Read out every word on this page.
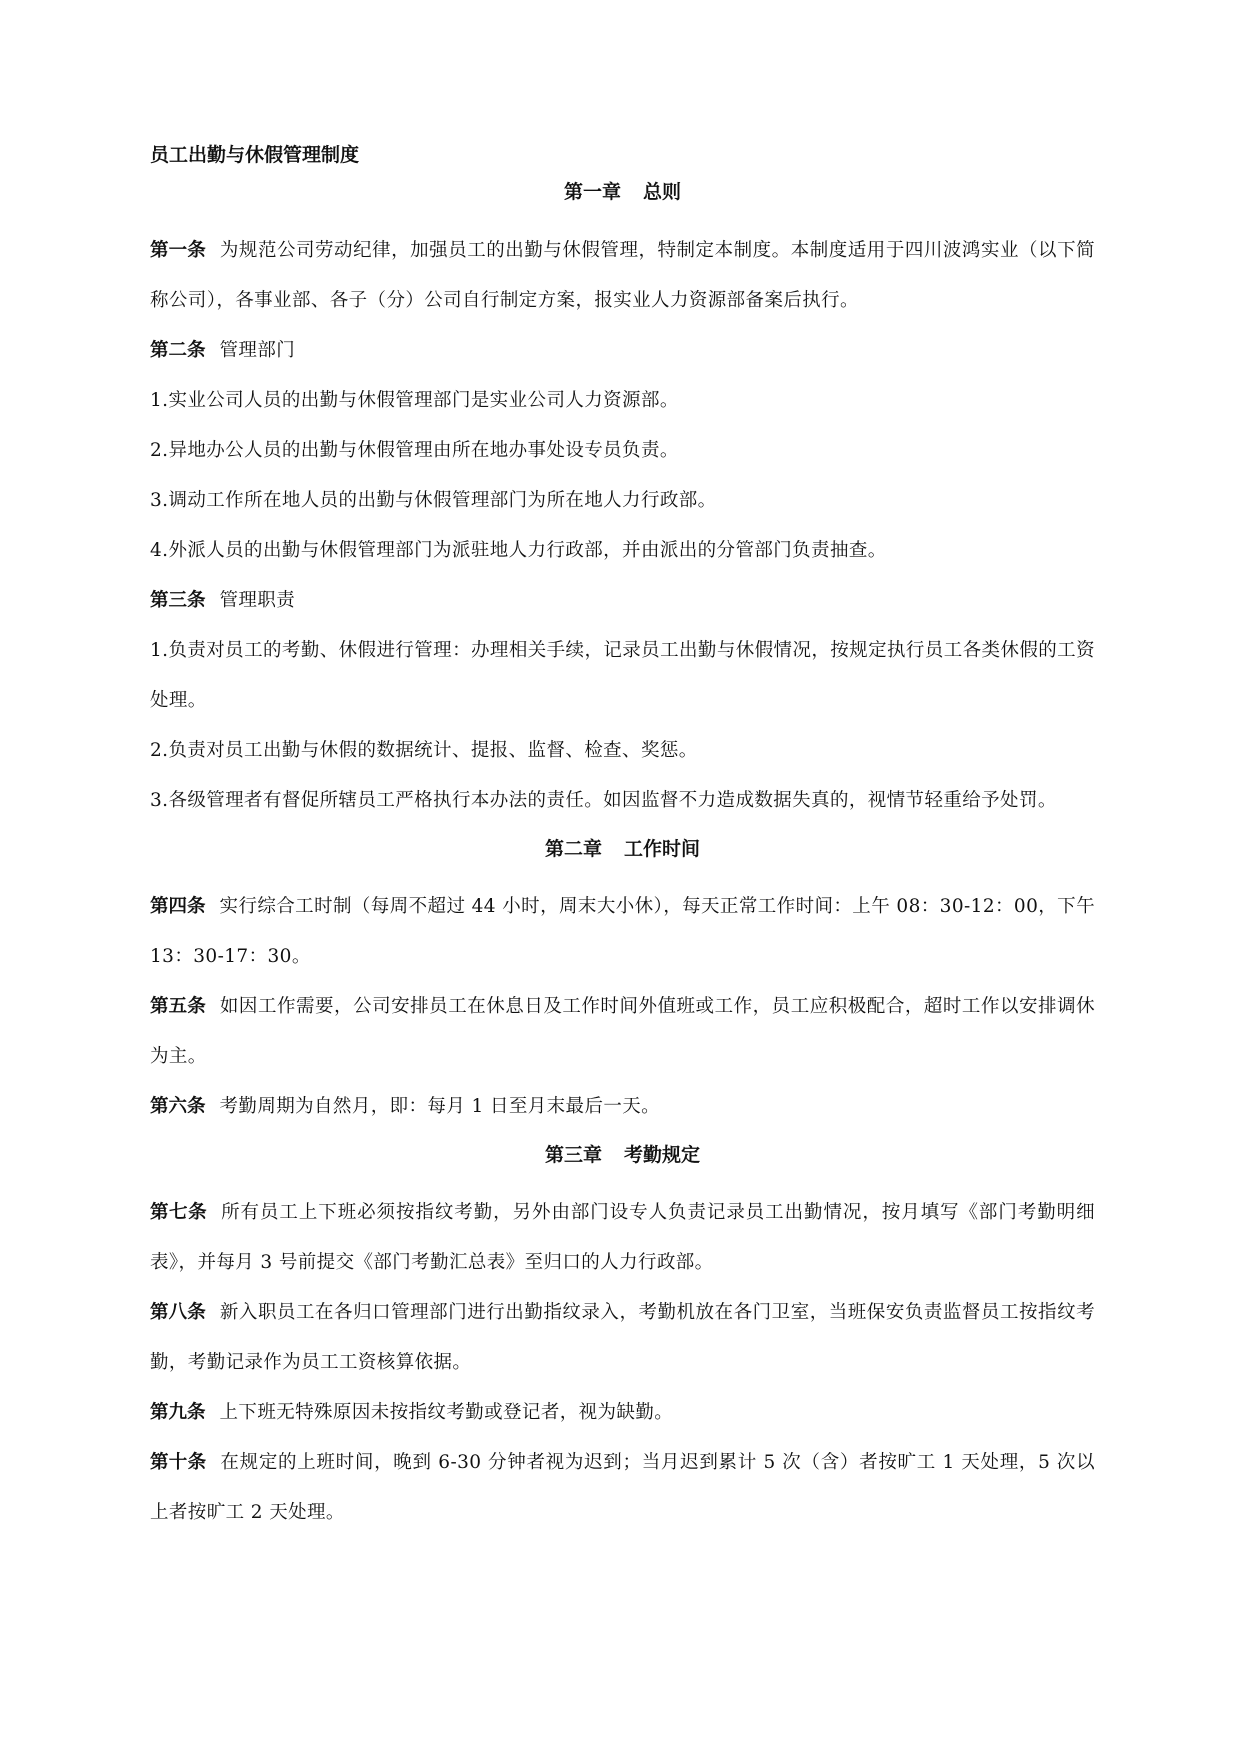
员工出勤与休假管理制度
第一章 总则

第一条 为规范公司劳动纪律，加强员工的出勤与休假管理，特制定本制度。本制度适用于四川波鸿实业（以下简称公司），各事业部、各子（分）公司自行制定方案，报实业人力资源部备案后执行。

第二条 管理部门

1.实业公司人员的出勤与休假管理部门是实业公司人力资源部。

2.异地办公人员的出勤与休假管理由所在地办事处设专员负责。

3.调动工作所在地人员的出勤与休假管理部门为所在地人力行政部。

4.外派人员的出勤与休假管理部门为派驻地人力行政部，并由派出的分管部门负责抽查。

第三条 管理职责

1.负责对员工的考勤、休假进行管理：办理相关手续，记录员工出勤与休假情况，按规定执行员工各类休假的工资处理。

2.负责对员工出勤与休假的数据统计、提报、监督、检查、奖惩。

3.各级管理者有督促所辖员工严格执行本办法的责任。如因监督不力造成数据失真的，视情节轻重给予处罚。

第二章 工作时间

第四条 实行综合工时制（每周不超过 44 小时，周末大小休），每天正常工作时间：上午 08：30-12：00，下午 13：30-17：30。

第五条 如因工作需要，公司安排员工在休息日及工作时间外值班或工作，员工应积极配合，超时工作以安排调休为主。

第六条 考勤周期为自然月，即：每月 1 日至月末最后一天。

第三章 考勤规定

第七条 所有员工上下班必须按指纹考勤，另外由部门设专人负责记录员工出勤情况，按月填写《部门考勤明细表》，并每月 3 号前提交《部门考勤汇总表》至归口的人力行政部。

第八条 新入职员工在各归口管理部门进行出勤指纹录入，考勤机放在各门卫室，当班保安负责监督员工按指纹考勤，考勤记录作为员工工资核算依据。

第九条 上下班无特殊原因未按指纹考勤或登记者，视为缺勤。

第十条 在规定的上班时间，晚到 6-30 分钟者视为迟到；当月迟到累计 5 次（含）者按旷工 1 天处理，5 次以上者按旷工 2 天处理。
